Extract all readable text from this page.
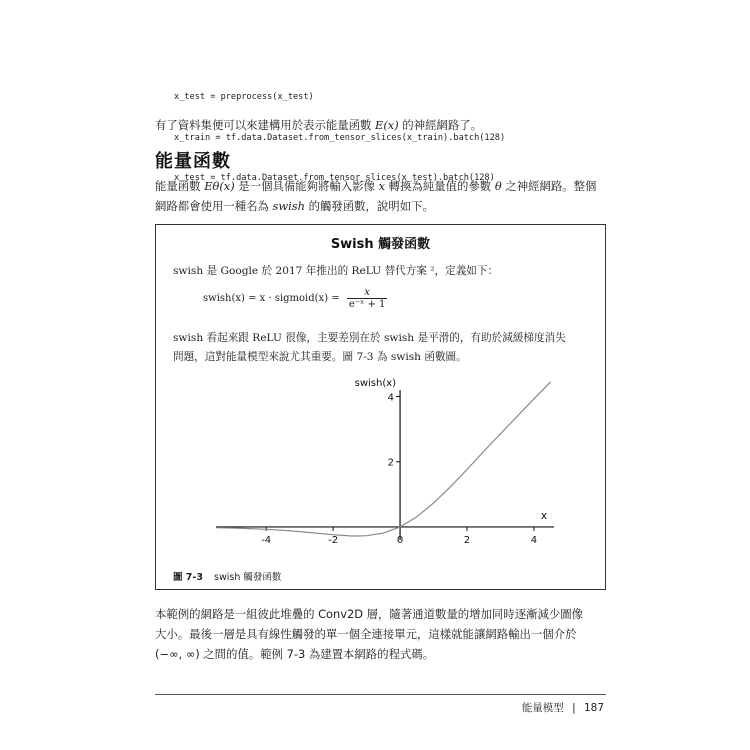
x_test = preprocess(x_test)

x_train = tf.data.Dataset.from_tensor_slices(x_train).batch(128)

x_test = tf.data.Dataset.from_tensor_slices(x_test).batch(128)

有了資料集便可以來建構用於表示能量函數 E(x) 的神經網路了。
能量函數
能量函數 Eθ(x) 是一個具備能夠將輸入影像 x 轉換為純量值的參數 θ 之神經網路。整個
網路都會使用一種名為 swish 的觸發函數，說明如下。
Swish 觸發函數
swish 是 Google 於 2017 年推出的 ReLU 替代方案 ²，定義如下：
swish(x) = x · sigmoid(x) = $\frac{x}{\text{e⁻ˣ + 1}}$
swish 看起來跟 ReLU 很像，主要差別在於 swish 是平滑的，有助於減緩梯度消失
問題，這對能量模型來說尤其重要。圖 7-3 為 swish 函數圖。
-4	-2	0	2	4
2
4
swish(x)
x
圖 7-3 swish 觸發函數
本範例的網路是一組彼此堆疊的 Conv2D 層，隨著通道數量的增加同時逐漸減少圖像
大小。最後一層是具有線性觸發的單一個全連接單元，這樣就能讓網路輸出一個介於
(−∞, ∞) 之間的值。範例 7-3 為建置本網路的程式碼。
能量模型 | 187
